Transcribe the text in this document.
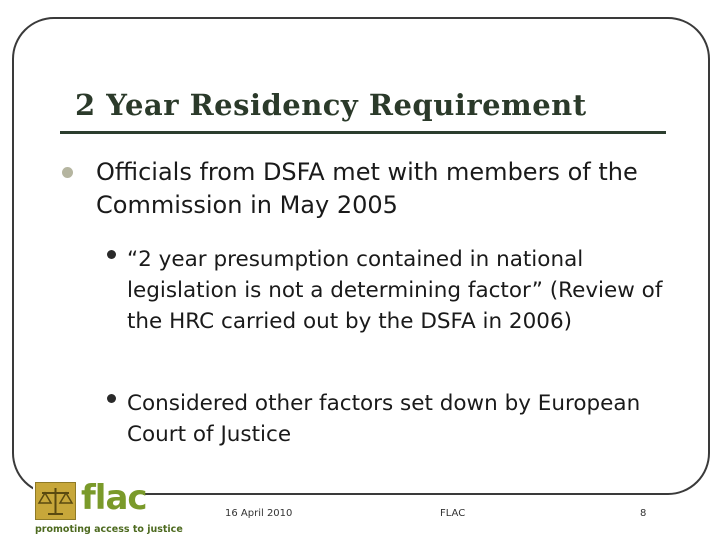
2 Year Residency Requirement
Officials from DSFA met with members of the Commission in May 2005
“2 year presumption contained in national legislation is not a determining factor” (Review of the HRC carried out by the DSFA in 2006)
Considered other factors set down by European Court of Justice
flac
promoting access to justice
16 April 2010	FLAC	8
